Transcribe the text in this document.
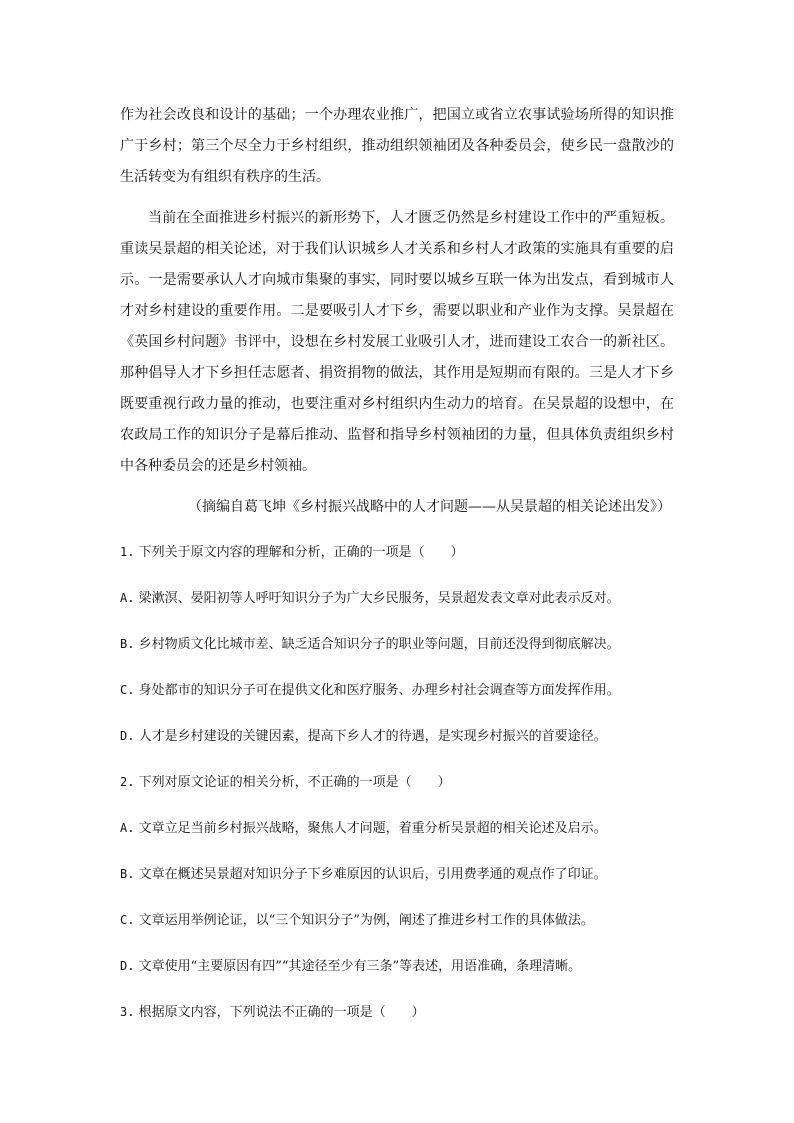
作为社会改良和设计的基础；一个办理农业推广，把国立或省立农事试验场所得的知识推广于乡村；第三个尽全力于乡村组织，推动组织领袖团及各种委员会，使乡民一盘散沙的生活转变为有组织有秩序的生活。

当前在全面推进乡村振兴的新形势下，人才匮乏仍然是乡村建设工作中的严重短板。重读吴景超的相关论述，对于我们认识城乡人才关系和乡村人才政策的实施具有重要的启示。一是需要承认人才向城市集聚的事实，同时要以城乡互联一体为出发点，看到城市人才对乡村建设的重要作用。二是要吸引人才下乡，需要以职业和产业作为支撑。吴景超在《英国乡村问题》书评中，设想在乡村发展工业吸引人才，进而建设工农合一的新社区。那种倡导人才下乡担任志愿者、捐资捐物的做法，其作用是短期而有限的。三是人才下乡既要重视行政力量的推动，也要注重对乡村组织内生动力的培育。在吴景超的设想中，在农政局工作的知识分子是幕后推动、监督和指导乡村领袖团的力量，但具体负责组织乡村中各种委员会的还是乡村领袖。

（摘编自葛飞坤《乡村振兴战略中的人才问题——从吴景超的相关论述出发》）

1. 下列关于原文内容的理解和分析，正确的一项是（　　）

A. 梁漱溟、晏阳初等人呼吁知识分子为广大乡民服务，吴景超发表文章对此表示反对。

B. 乡村物质文化比城市差、缺乏适合知识分子的职业等问题，目前还没得到彻底解决。

C. 身处都市的知识分子可在提供文化和医疗服务、办理乡村社会调查等方面发挥作用。

D. 人才是乡村建设的关键因素，提高下乡人才的待遇，是实现乡村振兴的首要途径。

2. 下列对原文论证的相关分析，不正确的一项是（　　）

A. 文章立足当前乡村振兴战略，聚焦人才问题，着重分析吴景超的相关论述及启示。

B. 文章在概述吴景超对知识分子下乡难原因的认识后，引用费孝通的观点作了印证。

C. 文章运用举例论证，以“三个知识分子”为例，阐述了推进乡村工作的具体做法。

D. 文章使用“主要原因有四”“其途径至少有三条”等表述，用语准确，条理清晰。

3. 根据原文内容，下列说法不正确的一项是（　　）
